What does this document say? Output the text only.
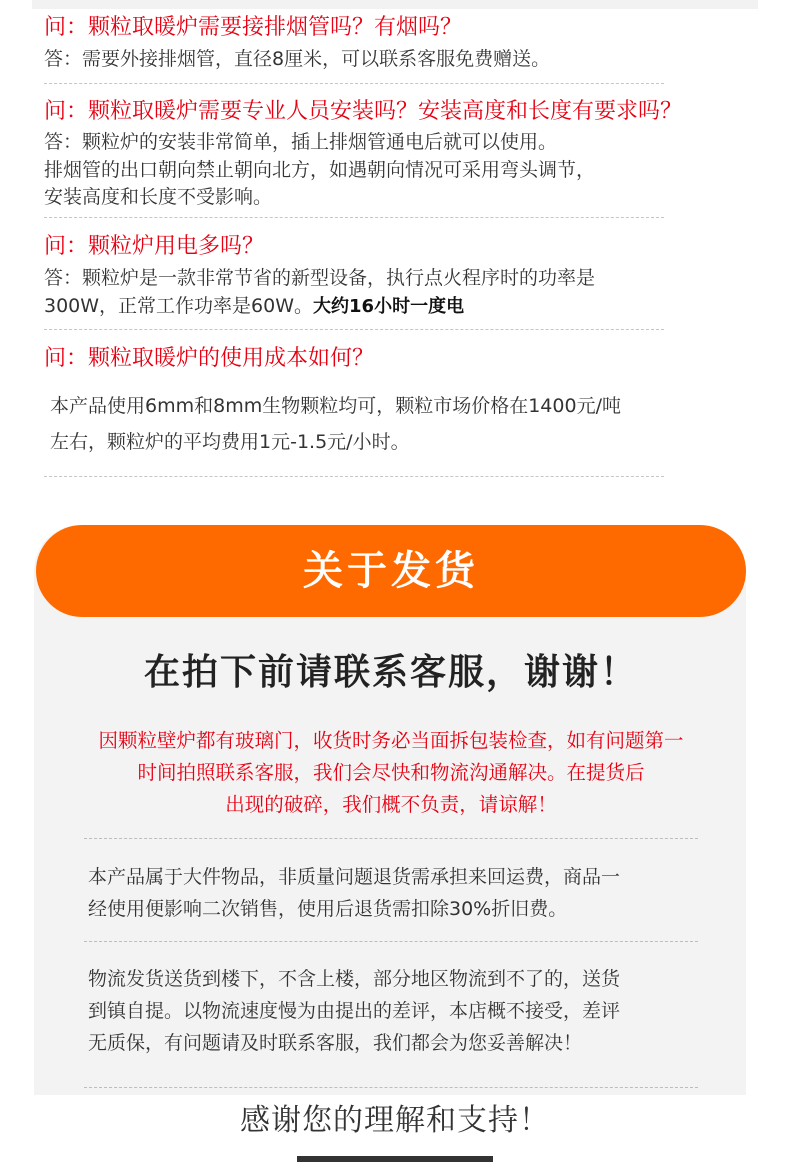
问：颗粒取暖炉需要接排烟管吗？有烟吗？
答：需要外接排烟管，直径8厘米，可以联系客服免费赠送。
问：颗粒取暖炉需要专业人员安装吗？安装高度和长度有要求吗？
答：颗粒炉的安装非常简单，插上排烟管通电后就可以使用。
排烟管的出口朝向禁止朝向北方，如遇朝向情况可采用弯头调节，
安装高度和长度不受影响。
问：颗粒炉用电多吗？
答：颗粒炉是一款非常节省的新型设备，执行点火程序时的功率是
300W，正常工作功率是60W。大约16小时一度电
问：颗粒取暖炉的使用成本如何？
本产品使用6mm和8mm生物颗粒均可，颗粒市场价格在1400元/吨
左右，颗粒炉的平均费用1元-1.5元/小时。
关于发货
在拍下前请联系客服，谢谢！
因颗粒壁炉都有玻璃门，收货时务必当面拆包装检查，如有问题第一
时间拍照联系客服，我们会尽快和物流沟通解决。在提货后
出现的破碎，我们概不负责，请谅解！
本产品属于大件物品，非质量问题退货需承担来回运费，商品一
经使用便影响二次销售，使用后退货需扣除30%折旧费。
物流发货送货到楼下，不含上楼，部分地区物流到不了的，送货
到镇自提。以物流速度慢为由提出的差评，本店概不接受，差评
无质保，有问题请及时联系客服，我们都会为您妥善解决！
感谢您的理解和支持！
